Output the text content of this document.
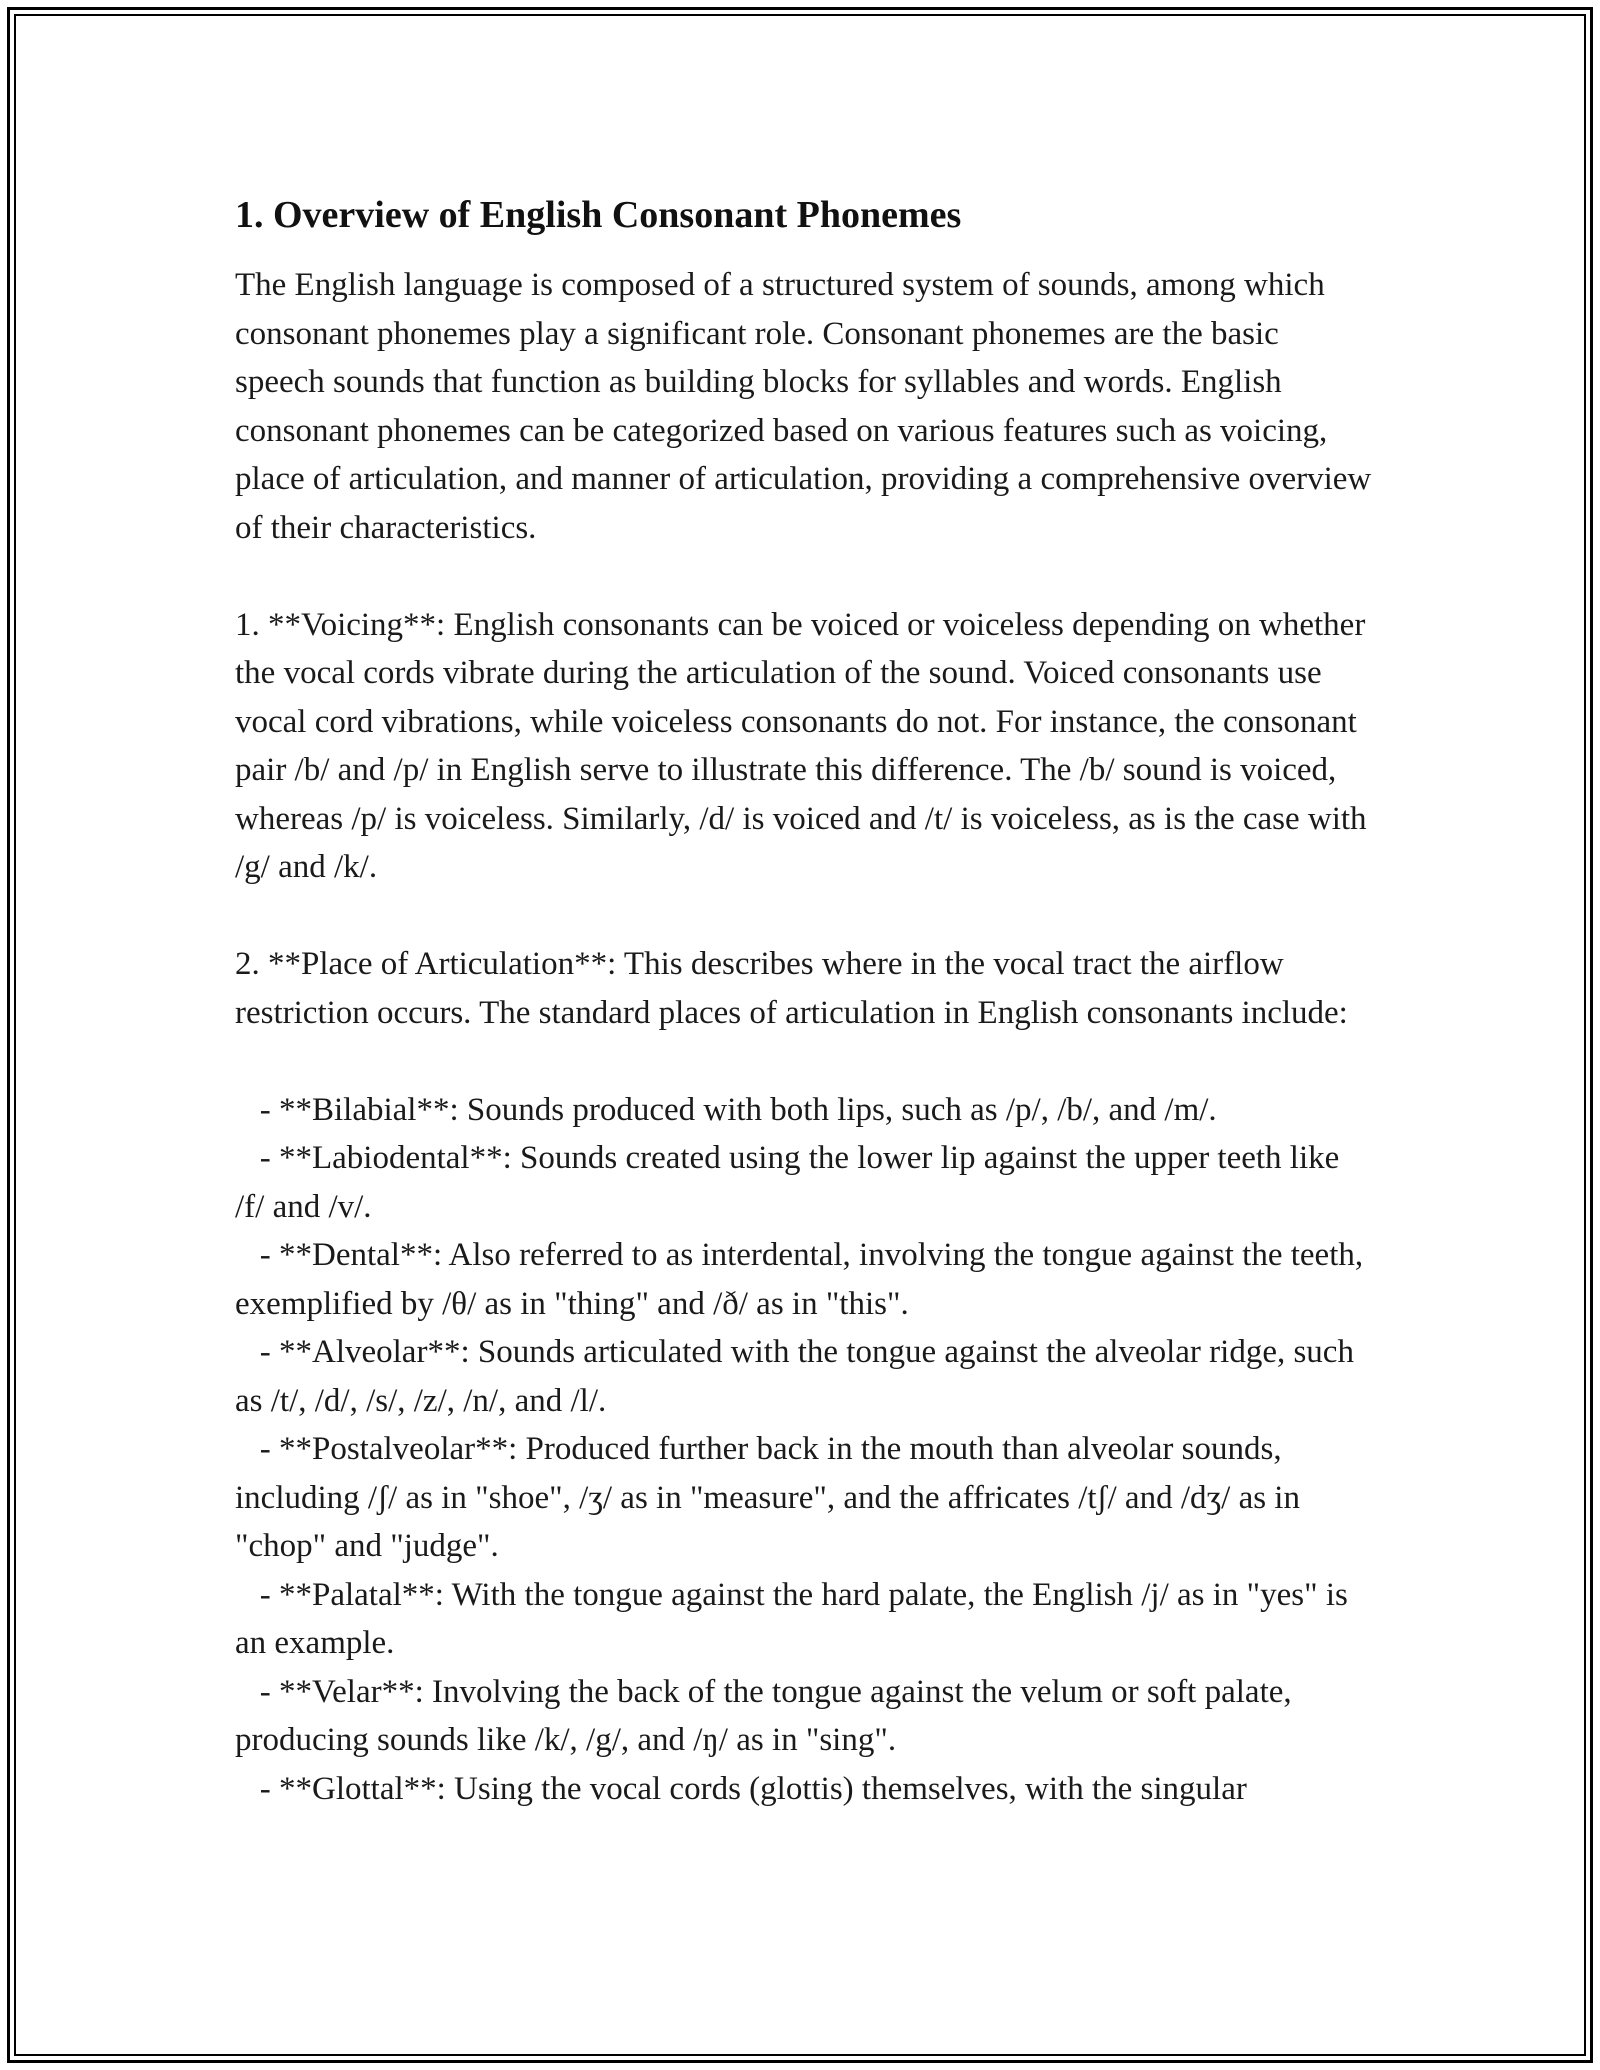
1. Overview of English Consonant Phonemes

The English language is composed of a structured system of sounds, among which consonant phonemes play a significant role. Consonant phonemes are the basic speech sounds that function as building blocks for syllables and words. English consonant phonemes can be categorized based on various features such as voicing, place of articulation, and manner of articulation, providing a comprehensive overview of their characteristics.

1. **Voicing**: English consonants can be voiced or voiceless depending on whether the vocal cords vibrate during the articulation of the sound. Voiced consonants use vocal cord vibrations, while voiceless consonants do not. For instance, the consonant pair /b/ and /p/ in English serve to illustrate this difference. The /b/ sound is voiced, whereas /p/ is voiceless. Similarly, /d/ is voiced and /t/ is voiceless, as is the case with /g/ and /k/.

2. **Place of Articulation**: This describes where in the vocal tract the airflow restriction occurs. The standard places of articulation in English consonants include:

- **Bilabial**: Sounds produced with both lips, such as /p/, /b/, and /m/.

- **Labiodental**: Sounds created using the lower lip against the upper teeth like /f/ and /v/.

- **Dental**: Also referred to as interdental, involving the tongue against the teeth, exemplified by /θ/ as in "thing" and /ð/ as in "this".

- **Alveolar**: Sounds articulated with the tongue against the alveolar ridge, such as /t/, /d/, /s/, /z/, /n/, and /l/.

- **Postalveolar**: Produced further back in the mouth than alveolar sounds, including /ʃ/ as in "shoe", /ʒ/ as in "measure", and the affricates /tʃ/ and /dʒ/ as in "chop" and "judge".

- **Palatal**: With the tongue against the hard palate, the English /j/ as in "yes" is an example.

- **Velar**: Involving the back of the tongue against the velum or soft palate, producing sounds like /k/, /g/, and /ŋ/ as in "sing".

- **Glottal**: Using the vocal cords (glottis) themselves, with the singular
